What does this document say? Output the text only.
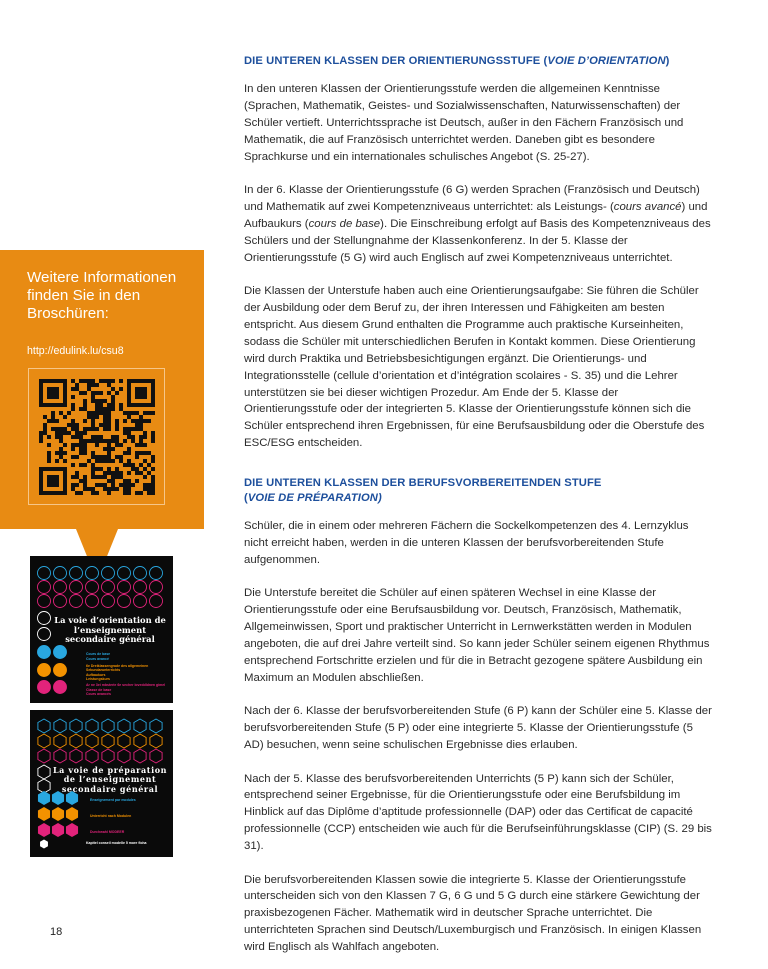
DIE UNTEREN KLASSEN DER ORIENTIERUNGSSTUFE (VOIE D’ORIENTATION)

In den unteren Klassen der Orientierungsstufe werden die allgemeinen Kenntnisse (Sprachen, Mathematik, Geistes- und Sozialwissenschaften, Naturwissenschaften) der Schüler vertieft. Unterrichtssprache ist Deutsch, außer in den Fächern Französisch und Mathematik, die auf Französisch unterrichtet werden. Daneben gibt es besondere Sprachkurse und ein internationales schulisches Angebot (S. 25-27).

In der 6. Klasse der Orientierungsstufe (6 G) werden Sprachen (Französisch und Deutsch) und Mathematik auf zwei Kompetenzniveaus unterrichtet: als Leistungs- (cours avancé) und Aufbaukurs (cours de base). Die Einschreibung erfolgt auf Basis des Kompetenzniveaus des Schülers und der Stellungnahme der Klassenkonferenz. In der 5. Klasse der Orientierungsstufe (5 G) wird auch Englisch auf zwei Kompetenzniveaus unterrichtet.

Die Klassen der Unterstufe haben auch eine Orientierungsaufgabe: Sie führen die Schüler der Ausbildung oder dem Beruf zu, der ihren Interessen und Fähigkeiten am besten entspricht. Aus diesem Grund enthalten die Programme auch praktische Kurseinheiten, sodass die Schüler mit unterschiedlichen Berufen in Kontakt kommen. Diese Orientierung wird durch Praktika und Betriebsbesichtigungen ergänzt. Die Orientierungs- und Integrationsstelle (cellule d’orientation et d’intégration scolaires - S. 35) und die Lehrer unterstützen sie bei dieser wichtigen Prozedur. Am Ende der 5. Klasse der Orientierungsstufe oder der integrierten 5. Klasse der Orientierungsstufe können sich die Schüler entsprechend ihren Ergebnissen, für eine Berufsausbildung oder die Oberstufe des ESC/ESG entscheiden.

DIE UNTEREN KLASSEN DER BERUFSVORBEREITENDEN STUFE
(VOIE DE PRÉPARATION)

Schüler, die in einem oder mehreren Fächern die Sockelkompetenzen des 4. Lernzyklus nicht erreicht haben, werden in die unteren Klassen der berufsvorbereitenden Stufe aufgenommen.

Die Unterstufe bereitet die Schüler auf einen späteren Wechsel in eine Klasse der Orientierungsstufe oder eine Berufsausbildung vor. Deutsch, Französisch, Mathematik, Allgemeinwissen, Sport und praktischer Unterricht in Lernwerkstätten werden in Modulen angeboten, die auf drei Jahre verteilt sind. So kann jeder Schüler seinem eigenen Rhythmus entsprechend Fortschritte erzielen und für die in Betracht gezogene spätere Ausbildung ein Maximum an Modulen abschließen.

Nach der 6. Klasse der berufsvorbereitenden Stufe (6 P) kann der Schüler eine 5. Klasse der berufsvorbereitenden Stufe (5 P) oder eine integrierte 5. Klasse der Orientierungsstufe (5 AD) besuchen, wenn seine schulischen Ergebnisse dies erlauben.

Nach der 5. Klasse des berufsvorbereitenden Unterrichts (5 P) kann sich der Schüler, entsprechend seiner Ergebnisse, für die Orientierungsstufe oder eine Berufsbildung im Hinblick auf das Diplôme d’aptitude professionnelle (DAP) oder das Certificat de capacité professionnelle (CCP) entscheiden wie auch für die Berufseinführungsklasse (CIP) (S. 29 bis 31).

Die berufsvorbereitenden Klassen sowie die integrierte 5. Klasse der Orientierungsstufe unterscheiden sich von den Klassen 7 G, 6 G und 5 G durch eine stärkere Gewichtung der praxisbezogenen Fächer. Mathematik wird in deutscher Sprache unterrichtet. Die unterrichteten Sprachen sind Deutsch/Luxemburgisch und Französisch. In einigen Klassen wird Englisch als Wahlfach angeboten.

Weitere Informationen finden Sie in den Broschüren:
http://edulink.lu/csu8
La voie d’orientation de l’enseignement secondaire général
Cours de base
Cours avancé
6e Dreiklassengrade des allgemeinen Sekundarunterrichts
Aufbaukurs
Leistungskurs
Ar ne 3ei mbsterie 6e secher loveddldnen gimel
Classe de base
Cours avancés
La voie de préparation de l’enseignement secondaire général
Enseignement par modules
Unterricht nach Modulen
Durchwahl MODEER
Kapitel conseil modelle 5 more ficha
18
